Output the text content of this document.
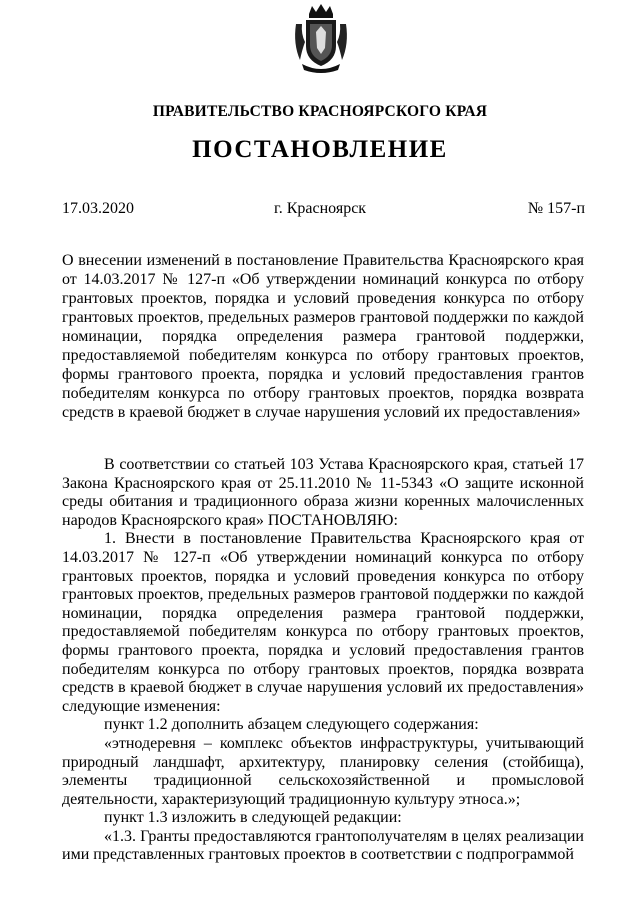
ПРАВИТЕЛЬСТВО КРАСНОЯРСКОГО КРАЯ
ПОСТАНОВЛЕНИЕ
17.03.2020	г. Красноярск	№ 157-п
О внесении изменений в постановление Правительства Красноярского края от 14.03.2017 № 127-п «Об утверждении номинаций конкурса по отбору грантовых проектов, порядка и условий проведения конкурса по отбору грантовых проектов, предельных размеров грантовой поддержки по каждой номинации, порядка определения размера грантовой поддержки, предоставляемой победителям конкурса по отбору грантовых проектов, формы грантового проекта, порядка и условий предоставления грантов победителям конкурса по отбору грантовых проектов, порядка возврата средств в краевой бюджет в случае нарушения условий их предоставления»

В соответствии со статьей 103 Устава Красноярского края, статьей 17 Закона Красноярского края от 25.11.2010 № 11-5343 «О защите исконной среды обитания и традиционного образа жизни коренных малочисленных народов Красноярского края» ПОСТАНОВЛЯЮ:

1. Внести в постановление Правительства Красноярского края от 14.03.2017 № 127-п «Об утверждении номинаций конкурса по отбору грантовых проектов, порядка и условий проведения конкурса по отбору грантовых проектов, предельных размеров грантовой поддержки по каждой номинации, порядка определения размера грантовой поддержки, предоставляемой победителям конкурса по отбору грантовых проектов, формы грантового проекта, порядка и условий предоставления грантов победителям конкурса по отбору грантовых проектов, порядка возврата средств в краевой бюджет в случае нарушения условий их предоставления» следующие изменения:

пункт 1.2 дополнить абзацем следующего содержания:

«этнодеревня – комплекс объектов инфраструктуры, учитывающий природный ландшафт, архитектуру, планировку селения (стойбища), элементы традиционной сельскохозяйственной и промысловой деятельности, характеризующий традиционную культуру этноса.»;

пункт 1.3 изложить в следующей редакции:

«1.3. Гранты предоставляются грантополучателям в целях реализации ими представленных грантовых проектов в соответствии с подпрограммой
